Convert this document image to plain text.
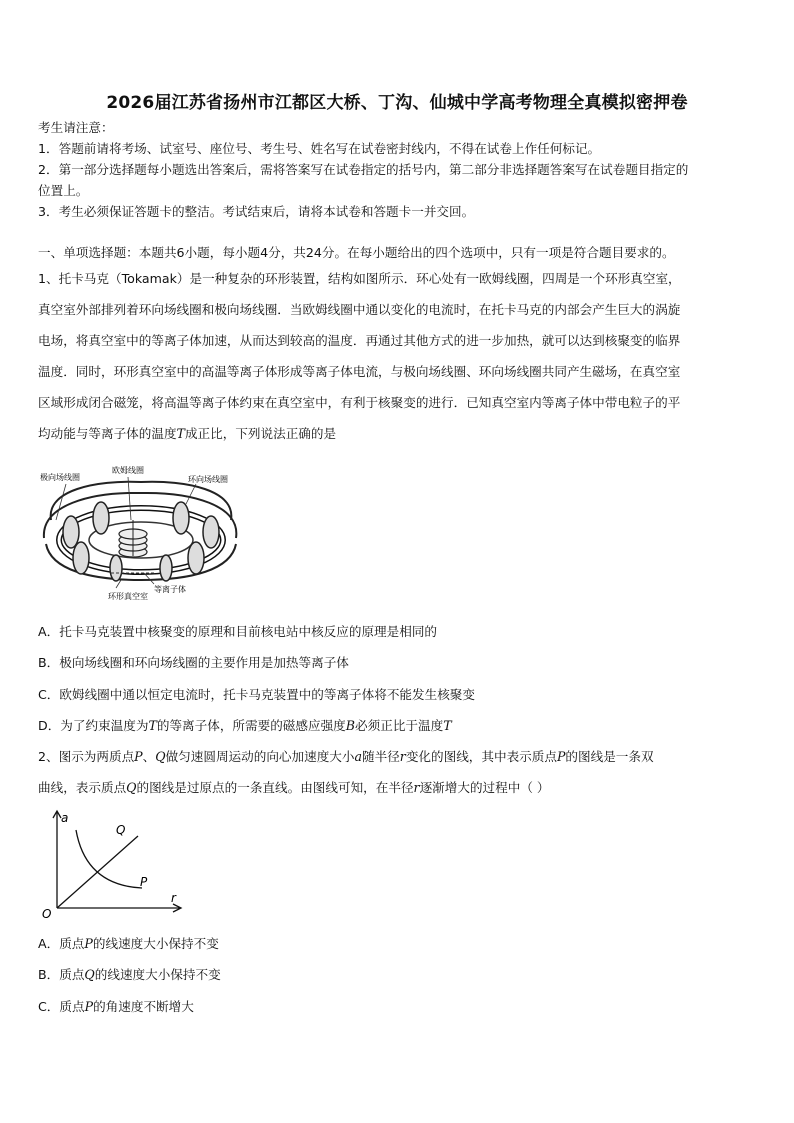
2026届江苏省扬州市江都区大桥、丁沟、仙城中学高考物理全真模拟密押卷
考生请注意：
1．答题前请将考场、试室号、座位号、考生号、姓名写在试卷密封线内，不得在试卷上作任何标记。
2．第一部分选择题每小题选出答案后，需将答案写在试卷指定的括号内，第二部分非选择题答案写在试卷题目指定的
位置上。
3．考生必须保证答题卡的整洁。考试结束后，请将本试卷和答题卡一并交回。
一、单项选择题：本题共6小题，每小题4分，共24分。在每小题给出的四个选项中，只有一项是符合题目要求的。
1、托卡马克（Tokamak）是一种复杂的环形装置，结构如图所示．环心处有一欧姆线圈，四周是一个环形真空室，
真空室外部排列着环向场线圈和极向场线圈．当欧姆线圈中通以变化的电流时，在托卡马克的内部会产生巨大的涡旋
电场，将真空室中的等离子体加速，从而达到较高的温度．再通过其他方式的进一步加热，就可以达到核聚变的临界
温度．同时，环形真空室中的高温等离子体形成等离子体电流，与极向场线圈、环向场线圈共同产生磁场，在真空室
区域形成闭合磁笼，将高温等离子体约束在真空室中，有利于核聚变的进行．已知真空室内等离子体中带电粒子的平
均动能与等离子体的温度T成正比，下列说法正确的是
极向场线圈
欧姆线圈
环向场线圈
等离子体
环形真空室
A．托卡马克装置中核聚变的原理和目前核电站中核反应的原理是相同的
B．极向场线圈和环向场线圈的主要作用是加热等离子体
C．欧姆线圈中通以恒定电流时，托卡马克装置中的等离子体将不能发生核聚变
D．为了约束温度为T的等离子体，所需要的磁感应强度B必须正比于温度T
2、图示为两质点P、Q做匀速圆周运动的向心加速度大小a随半径r变化的图线，其中表示质点P的图线是一条双
曲线，表示质点Q的图线是过原点的一条直线。由图线可知，在半径r逐渐增大的过程中（ ）
a
r
O
Q
P
A．质点P的线速度大小保持不变
B．质点Q的线速度大小保持不变
C．质点P的角速度不断增大
